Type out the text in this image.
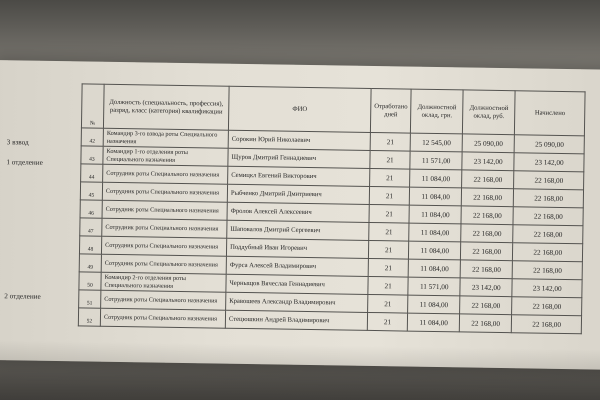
3 взвод
1 отделение
2 отделение
№	Должность (специальность, профессия), разряд, класс (категория) квалификации	ФИО	Отработано дней	Должностной оклад, грн.	Должностной оклад, руб.	Начислено
42	Командир 3-го взвода роты Специального назначения	Сорокин Юрий Николаевич	21	12 545,00	25 090,00	25 090,00
43	Командир 1-го отделения роты Специального назначения	Щуров Дмитрий Геннадиевич	21	11 571,00	23 142,00	23 142,00
44	Сотрудник роты Специального назначения	Семицкл Евгений Викторович	21	11 084,00	22 168,00	22 168,00
45	Сотрудник роты Специального назначения	Рыбченко Дмитрий Дмитриевич	21	11 084,00	22 168,00	22 168,00
46	Сотрудник роты Специального назначения	Фролов Алексей Алексеевич	21	11 084,00	22 168,00	22 168,00
47	Сотрудник роты Специального назначения	Шаповалов Дмитрий Сергеевич	21	11 084,00	22 168,00	22 168,00
48	Сотрудник роты Специального назначения	Поддубный Иван Игоревич	21	11 084,00	22 168,00	22 168,00
49	Сотрудник роты Специального назначения	Фурса Алексей Владимирович	21	11 084,00	22 168,00	22 168,00
50	Командир 2-го отделения роты Специального назначения	Черныщов Вячеслав Геннадиевич	21	11 571,00	23 142,00	23 142,00
51	Сотрудник роты Специального назначения	Кравошеев Александр Владимирович	21	11 084,00	22 168,00	22 168,00
52	Сотрудник роты Специального назначения	Стецюшкин Андрей Владимирович	21	11 084,00	22 168,00	22 168,00
